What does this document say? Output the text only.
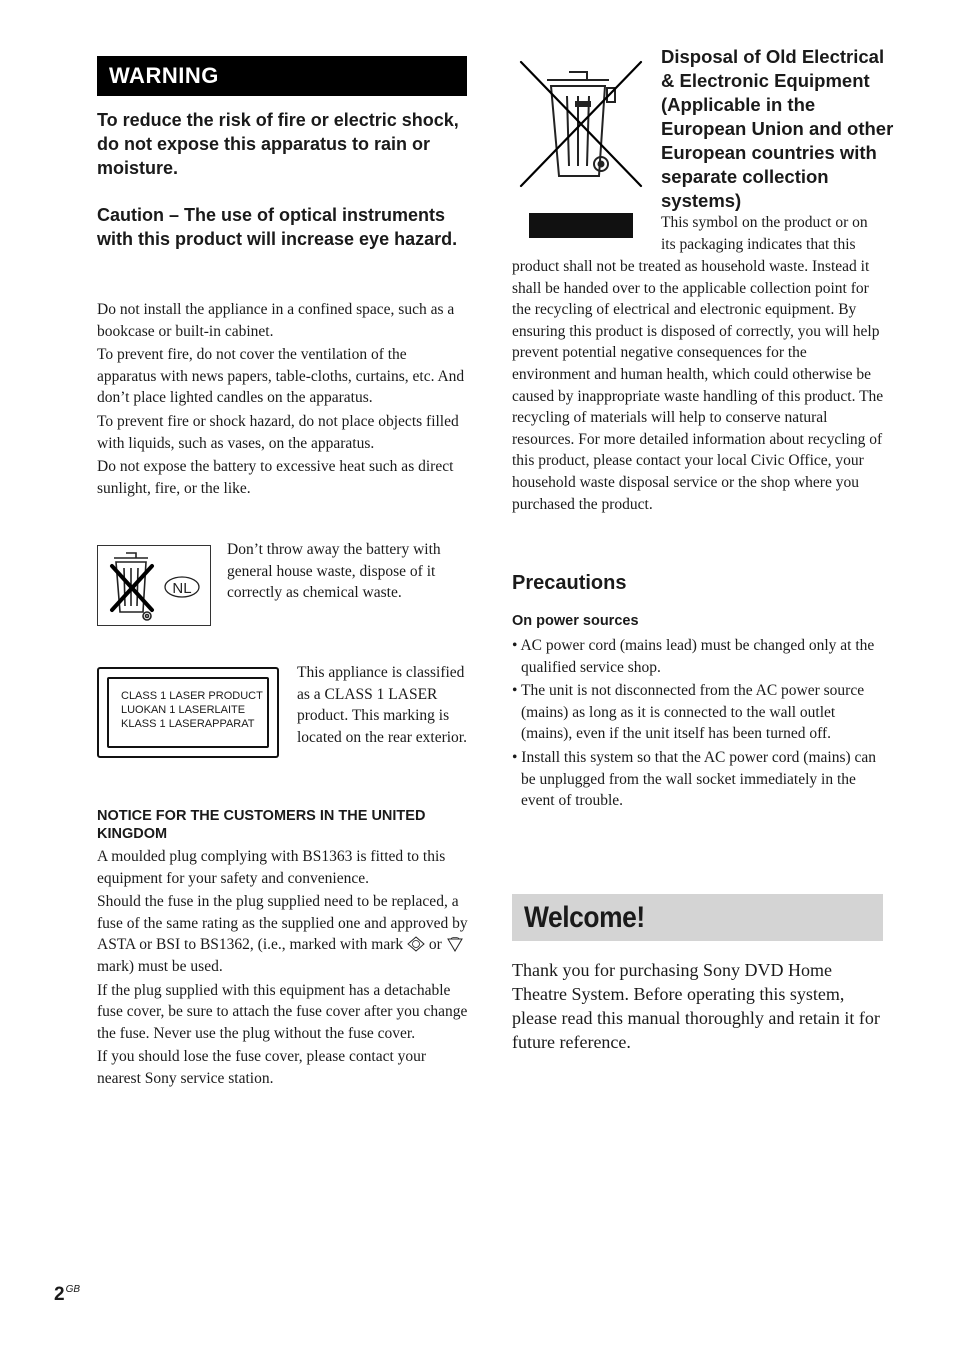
WARNING
To reduce the risk of fire or electric shock, do not expose this apparatus to rain or moisture.
Caution – The use of optical instruments with this product will increase eye hazard.

Do not install the appliance in a confined space, such as a bookcase or built-in cabinet.

To prevent fire, do not cover the ventilation of the apparatus with news papers, table-cloths, curtains, etc. And don’t place lighted candles on the apparatus.

To prevent fire or shock hazard, do not place objects filled with liquids, such as vases, on the apparatus.

Do not expose the battery to excessive heat such as direct sunlight, fire, or the like.

NL
Don’t throw away the battery with general house waste, dispose of it correctly as chemical waste.
CLASS 1 LASER PRODUCT
LUOKAN 1 LASERLAITE
KLASS 1 LASERAPPARAT
This appliance is classified as a CLASS 1 LASER product. This marking is located on the rear exterior.
NOTICE FOR THE CUSTOMERS IN THE UNITED KINGDOM

A moulded plug complying with BS1363 is fitted to this equipment for your safety and convenience.

Should the fuse in the plug supplied need to be replaced, a fuse of the same rating as the supplied one and approved by ASTA or BSI to BS1362, (i.e., marked with mark or  mark) must be used.

If the plug supplied with this equipment has a detachable fuse cover, be sure to attach the fuse cover after you change the fuse. Never use the plug without the fuse cover.

If you should lose the fuse cover, please contact your nearest Sony service station.

Disposal of Old Electrical & Electronic Equipment (Applicable in the European Union and other European countries with separate collection systems)
This symbol on the product or on its packaging indicates that this
product shall not be treated as household waste. Instead it shall be handed over to the applicable collection point for the recycling of electrical and electronic equipment. By ensuring this product is disposed of correctly, you will help prevent potential negative consequences for the environment and human health, which could otherwise be caused by inappropriate waste handling of this product. The recycling of materials will help to conserve natural resources. For more detailed information about recycling of this product, please contact your local Civic Office, your household waste disposal service or the shop where you purchased the product.
Precautions
On power sources
• AC power cord (mains lead) must be changed only at the qualified service shop.
• The unit is not disconnected from the AC power source (mains) as long as it is connected to the wall outlet (mains), even if the unit itself has been turned off.
• Install this system so that the AC power cord (mains) can be unplugged from the wall socket immediately in the event of trouble.
Welcome!
Thank you for purchasing Sony DVD Home Theatre System. Before operating this system, please read this manual thoroughly and retain it for future reference.
$2^{GB}$
